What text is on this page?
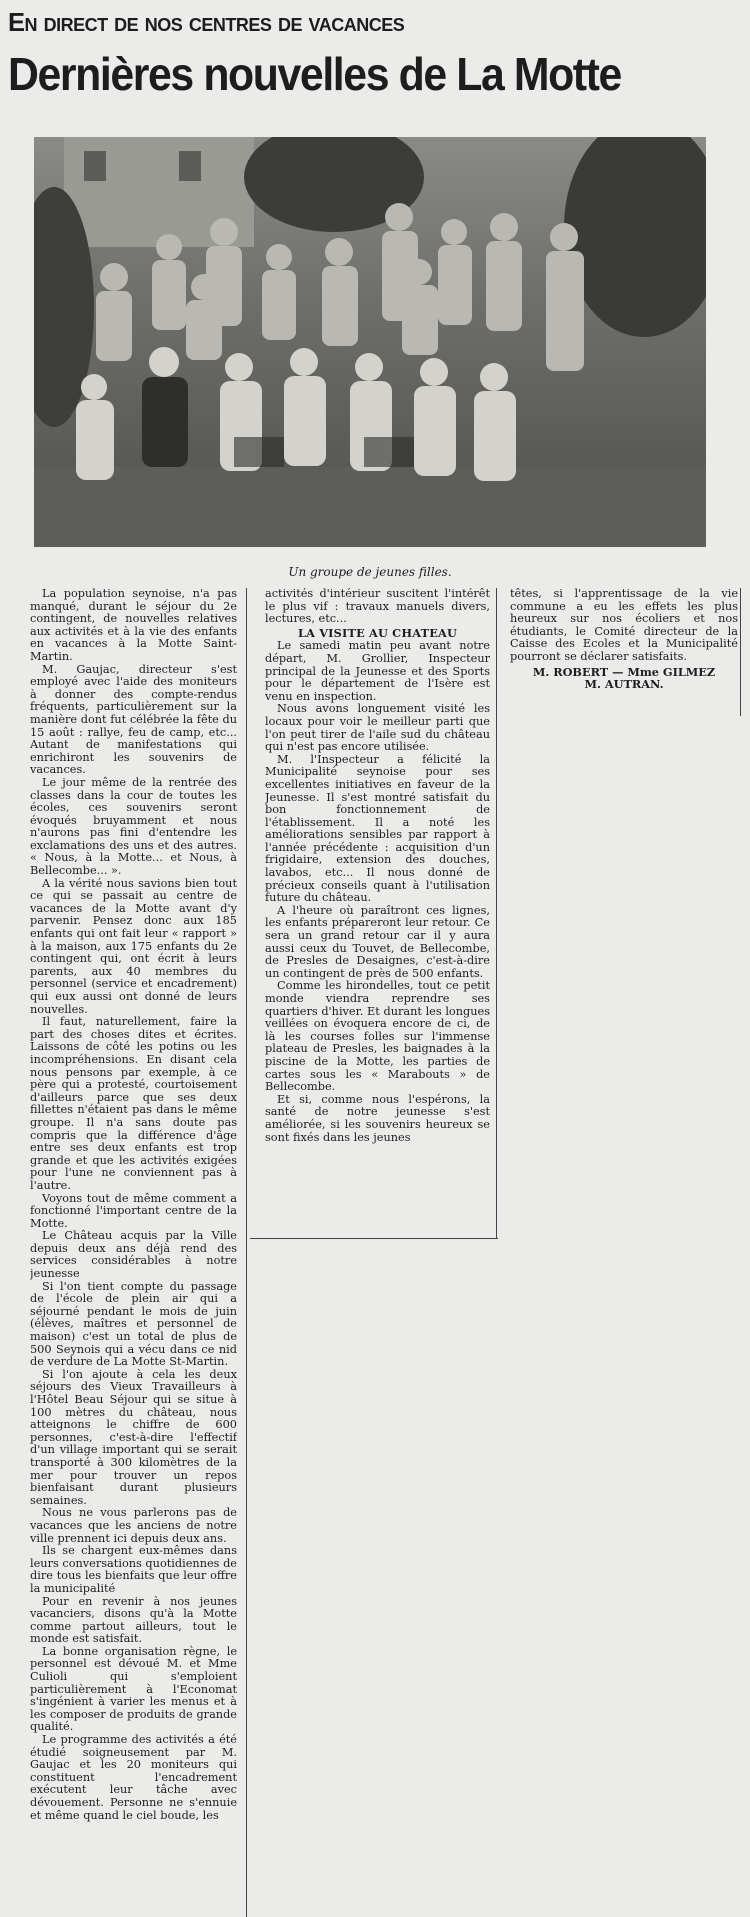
En direct de nos centres de vacances
Dernières nouvelles de La Motte
Un groupe de jeunes filles.

La population seynoise, n'a pas manqué, durant le séjour du 2e contingent, de nouvelles relatives aux activités et à la vie des enfants en vacances à la Motte Saint-Martin.

M. Gaujac, directeur s'est employé avec l'aide des moniteurs à donner des compte-rendus fréquents, particulièrement sur la manière dont fut célébrée la fête du 15 août : rallye, feu de camp, etc... Autant de manifestations qui enrichiront les souvenirs de vacances.

Le jour même de la rentrée des classes dans la cour de toutes les écoles, ces souvenirs seront évoqués bruyamment et nous n'aurons pas fini d'entendre les exclamations des uns et des autres. « Nous, à la Motte... et Nous, à Bellecombe... ».

A la vérité nous savions bien tout ce qui se passait au centre de vacances de la Motte avant d'y parvenir. Pensez donc aux 185 enfants qui ont fait leur « rapport » à la maison, aux 175 enfants du 2e contingent qui, ont écrit à leurs parents, aux 40 membres du personnel (service et encadrement) qui eux aussi ont donné de leurs nouvelles.

Il faut, naturellement, faire la part des choses dites et écrites. Laissons de côté les potins ou les incompréhensions. En disant cela nous pensons par exemple, à ce père qui a protesté, courtoisement d'ailleurs parce que ses deux fillettes n'étaient pas dans le même groupe. Il n'a sans doute pas compris que la différence d'âge entre ses deux enfants est trop grande et que les activités exigées pour l'une ne conviennent pas à l'autre.

Voyons tout de même comment a fonctionné l'important centre de la Motte.

Le Château acquis par la Ville depuis deux ans déjà rend des services considérables à notre jeunesse

Si l'on tient compte du passage de l'école de plein air qui a séjourné pendant le mois de juin (élèves, maîtres et personnel de maison) c'est un total de plus de 500 Seynois qui a vécu dans ce nid de verdure de La Motte St-Martin.

Si l'on ajoute à cela les deux séjours des Vieux Travailleurs à l'Hôtel Beau Séjour qui se situe à 100 mètres du château, nous atteignons le chiffre de 600 personnes, c'est-à-dire l'effectif d'un village important qui se serait transporté à 300 kilomètres de la mer pour trouver un repos bienfaisant durant plusieurs semaines.

Nous ne vous parlerons pas de vacances que les anciens de notre ville prennent ici depuis deux ans.

Ils se chargent eux-mêmes dans leurs conversations quotidiennes de dire tous les bienfaits que leur offre la municipalité

Pour en revenir à nos jeunes vacanciers, disons qu'à la Motte comme partout ailleurs, tout le monde est satisfait.

La bonne organisation règne, le personnel est dévoué M. et Mme Culioli qui s'emploient particulièrement à l'Economat s'ingénient à varier les menus et à les composer de produits de grande qualité.

Le programme des activités a été étudié soigneusement par M. Gaujac et les 20 moniteurs qui constituent l'encadrement exécutent leur tâche avec dévouement. Personne ne s'ennuie et même quand le ciel boude, les

activités d'intérieur suscitent l'intérêt le plus vif : travaux manuels divers, lectures, etc...

LA VISITE AU CHATEAU

Le samedi matin peu avant notre départ, M. Grollier, Inspecteur principal de la Jeunesse et des Sports pour le département de l'Isère est venu en inspection.

Nous avons longuement visité les locaux pour voir le meilleur parti que l'on peut tirer de l'aile sud du château qui n'est pas encore utilisée.

M. l'Inspecteur a félicité la Municipalité seynoise pour ses excellentes initiatives en faveur de la Jeunesse. Il s'est montré satisfait du bon fonctionnement de l'établissement. Il a noté les améliorations sensibles par rapport à l'année précédente : acquisition d'un frigidaire, extension des douches, lavabos, etc... Il nous donné de précieux conseils quant à l'utilisation future du château.

A l'heure où paraîtront ces lignes, les enfants prépareront leur retour. Ce sera un grand retour car il y aura aussi ceux du Touvet, de Bellecombe, de Presles de Desaignes, c'est-à-dire un contingent de près de 500 enfants.

Comme les hirondelles, tout ce petit monde viendra reprendre ses quartiers d'hiver. Et durant les longues veillées on évoquera encore de ci, de là les courses folles sur l'immense plateau de Presles, les baignades à la piscine de la Motte, les parties de cartes sous les « Marabouts » de Bellecombe.

Et si, comme nous l'espérons, la santé de notre jeunesse s'est améliorée, si les souvenirs heureux se sont fixés dans les jeunes

têtes, si l'apprentissage de la vie commune a eu les effets les plus heureux sur nos écoliers et nos étudiants, le Comité directeur de la Caisse des Ecoles et la Municipalité pourront se déclarer satisfaits.

M. ROBERT — Mme GILMEZ
M. AUTRAN.
